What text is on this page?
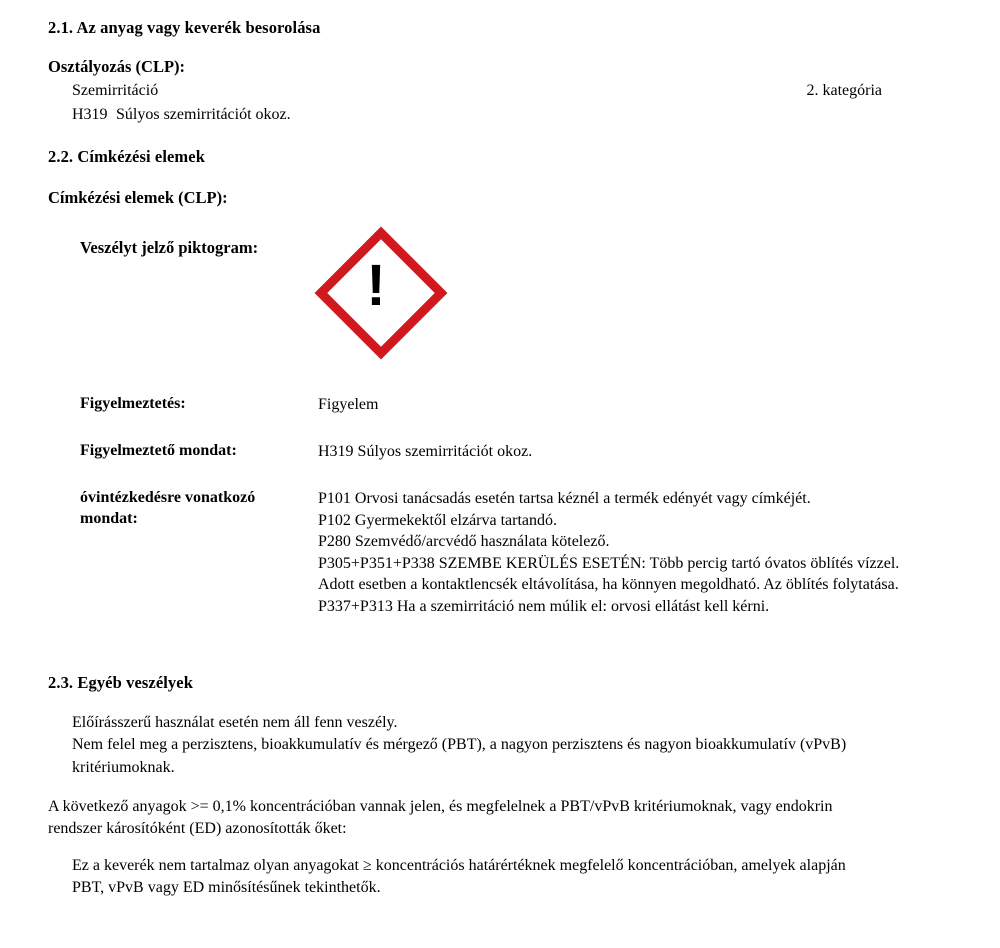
2.1. Az anyag vagy keverék besorolása
Osztályozás (CLP):
Szemirritáció	2. kategória
H319 Súlyos szemirritációt okoz.
2.2. Címkézési elemek
Címkézési elemek (CLP):
Veszélyt jelző piktogram:
!
Figyelmeztetés:	Figyelem
Figyelmeztető mondat:	H319 Súlyos szemirritációt okoz.
óvintézkedésre vonatkozó
mondat:
P101 Orvosi tanácsadás esetén tartsa kéznél a termék edényét vagy címkéjét.
P102 Gyermekektől elzárva tartandó.
P280 Szemvédő/arcvédő használata kötelező.
P305+P351+P338 SZEMBE KERÜLÉS ESETÉN: Több percig tartó óvatos öblítés vízzel.
Adott esetben a kontaktlencsék eltávolítása, ha könnyen megoldható. Az öblítés folytatása.
P337+P313 Ha a szemirritáció nem múlik el: orvosi ellátást kell kérni.
2.3. Egyéb veszélyek
Előírásszerű használat esetén nem áll fenn veszély.
Nem felel meg a perzisztens, bioakkumulatív és mérgező (PBT), a nagyon perzisztens és nagyon bioakkumulatív (vPvB)
kritériumoknak.
A következő anyagok >= 0,1% koncentrációban vannak jelen, és megfelelnek a PBT/vPvB kritériumoknak, vagy endokrin
rendszer károsítóként (ED) azonosították őket:
Ez a keverék nem tartalmaz olyan anyagokat ≥ koncentrációs határértéknek megfelelő koncentrációban, amelyek alapján
PBT, vPvB vagy ED minősítésűnek tekinthetők.
